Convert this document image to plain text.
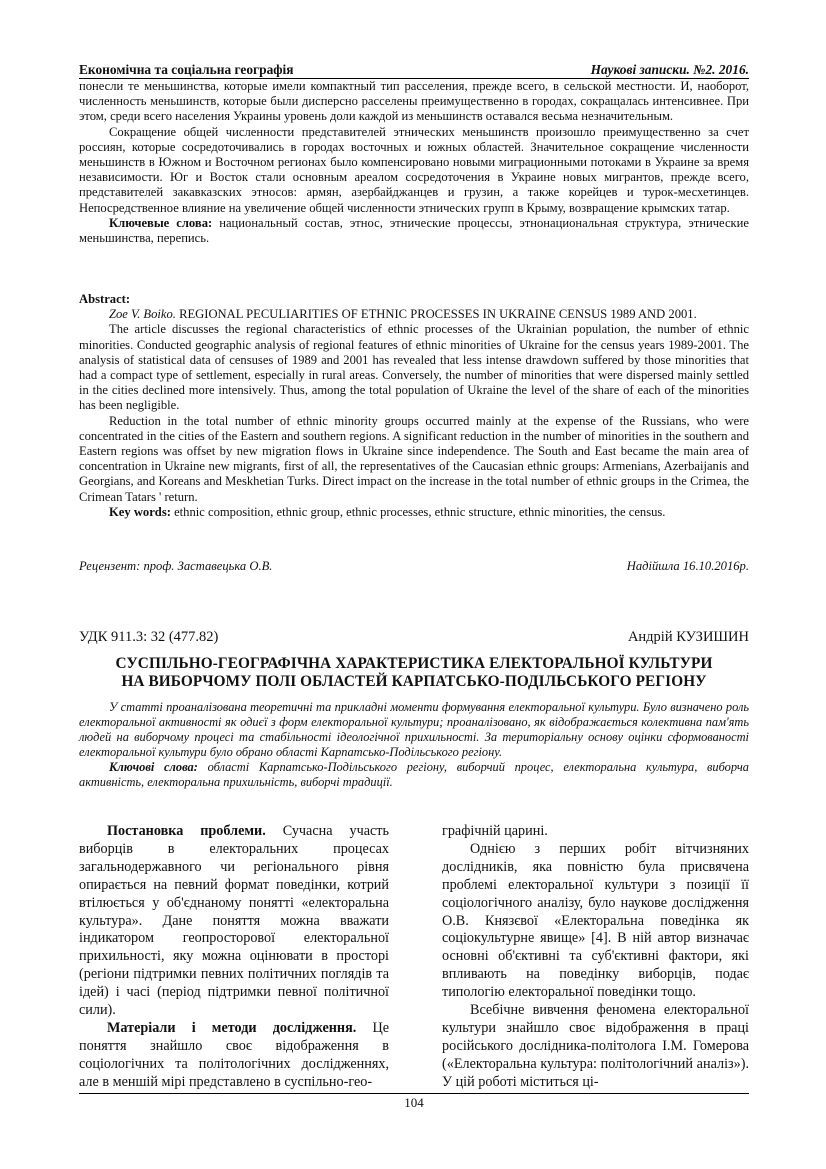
Економічна та соціальна географія	Наукові записки. №2. 2016.

понесли те меньшинства, которые имели компактный тип расселения, прежде всего, в сельской местности. И, наоборот, численность меньшинств, которые были дисперсно расселены преимущественно в городах, сокращалась интенсивнее. При этом, среди всего населения Украины уровень доли каждой из меньшинств оставался весьма незначительным.

Сокращение общей численности представителей этнических меньшинств произошло преимущественно за счет россиян, которые сосредоточивались в городах восточных и южных областей. Значительное сокращение численности меньшинств в Южном и Восточном регионах было компенсировано новыми миграционными потоками в Украине за время независимости. Юг и Восток стали основным ареалом сосредоточения в Украине новых мигрантов, прежде всего, представителей закавказских этносов: армян, азербайджанцев и грузин, а также корейцев и турок-месхетинцев. Непосредственное влияние на увеличение общей численности этнических групп в Крыму, возвращение крымских татар.

Ключевые слова: национальный состав, этнос, этнические процессы, этнонациональная структура, этнические меньшинства, перепись.

Abstract:

Zoe V. Boiko. REGIONAL PECULIARITIES OF ETHNIC PROCESSES IN UKRAINE CENSUS 1989 AND 2001.

The article discusses the regional characteristics of ethnic processes of the Ukrainian population, the number of ethnic minorities. Conducted geographic analysis of regional features of ethnic minorities of Ukraine for the census years 1989-2001. The analysis of statistical data of censuses of 1989 and 2001 has revealed that less intense drawdown suffered by those minorities that had a compact type of settlement, especially in rural areas. Conversely, the number of minorities that were dispersed mainly settled in the cities declined more intensively. Thus, among the total population of Ukraine the level of the share of each of the minorities has been negligible.

Reduction in the total number of ethnic minority groups occurred mainly at the expense of the Russians, who were concentrated in the cities of the Eastern and southern regions. A significant reduction in the number of minorities in the southern and Eastern regions was offset by new migration flows in Ukraine since independence. The South and East became the main area of concentration in Ukraine new migrants, first of all, the representatives of the Caucasian ethnic groups: Armenians, Azerbaijanis and Georgians, and Koreans and Meskhetian Turks. Direct impact on the increase in the total number of ethnic groups in the Crimea, the Crimean Tatars ' return.

Key words: ethnic composition, ethnic group, ethnic processes, ethnic structure, ethnic minorities, the census.

Рецензент: проф. Заставецька О.В.	Надійшла 16.10.2016р.
УДК 911.3: 32 (477.82)	Андрій КУЗИШИН
СУСПІЛЬНО-ГЕОГРАФІЧНА ХАРАКТЕРИСТИКА ЕЛЕКТОРАЛЬНОЇ КУЛЬТУРИ
НА ВИБОРЧОМУ ПОЛІ ОБЛАСТЕЙ КАРПАТСЬКО-ПОДІЛЬСЬКОГО РЕГІОНУ

У статті проаналізована теоретичні та прикладні моменти формування електоральної культури. Було визначено роль електоральної активності як одиєї з форм електоральної культури; проаналізовано, як відображається колективна пам'ять людей на виборчому процесі та стабільності ідеологічної прихильності. За територіальну основу оцінки сформованості електоральної культури було обрано області Карпатсько-Подільського регіону.

Ключові слова: області Карпатсько-Подільського регіону, виборчий процес, електоральна культура, виборча активність, електоральна прихильність, виборчі традиції.

Постановка проблеми. Сучасна участь виборців в електоральних процесах загальнодержавного чи регіонального рівня опирається на певний формат поведінки, котрий втілюється у об'єднаному понятті «електоральна культура». Дане поняття можна вважати індикатором геопросторової електоральної прихильності, яку можна оцінювати в просторі (регіони підтримки певних політичних поглядів та ідей) і часі (період підтримки певної політичної сили).

Матеріали і методи дослідження. Це поняття знайшло своє відображення в соціологічних та політологічних дослідженнях, але в меншій мірі представлено в суспільно-гео-

графічній царині.

Однією з перших робіт вітчизняних дослідників, яка повністю була присвячена проблемі електоральної культури з позиції її соціологічного аналізу, було наукове дослідження О.В. Князєвої «Електоральна поведінка як соціокультурне явище» [4]. В ній автор визначає основні об'єктивні та суб'єктивні фактори, які впливають на поведінку виборців, подає типологію електоральної поведінки тощо.

Всебічне вивчення феномена електоральної культури знайшло своє відображення в праці російського дослідника-політолога І.М. Гомерова («Електоральна культура: політологічний аналіз»). У цій роботі міститься ці-

104
